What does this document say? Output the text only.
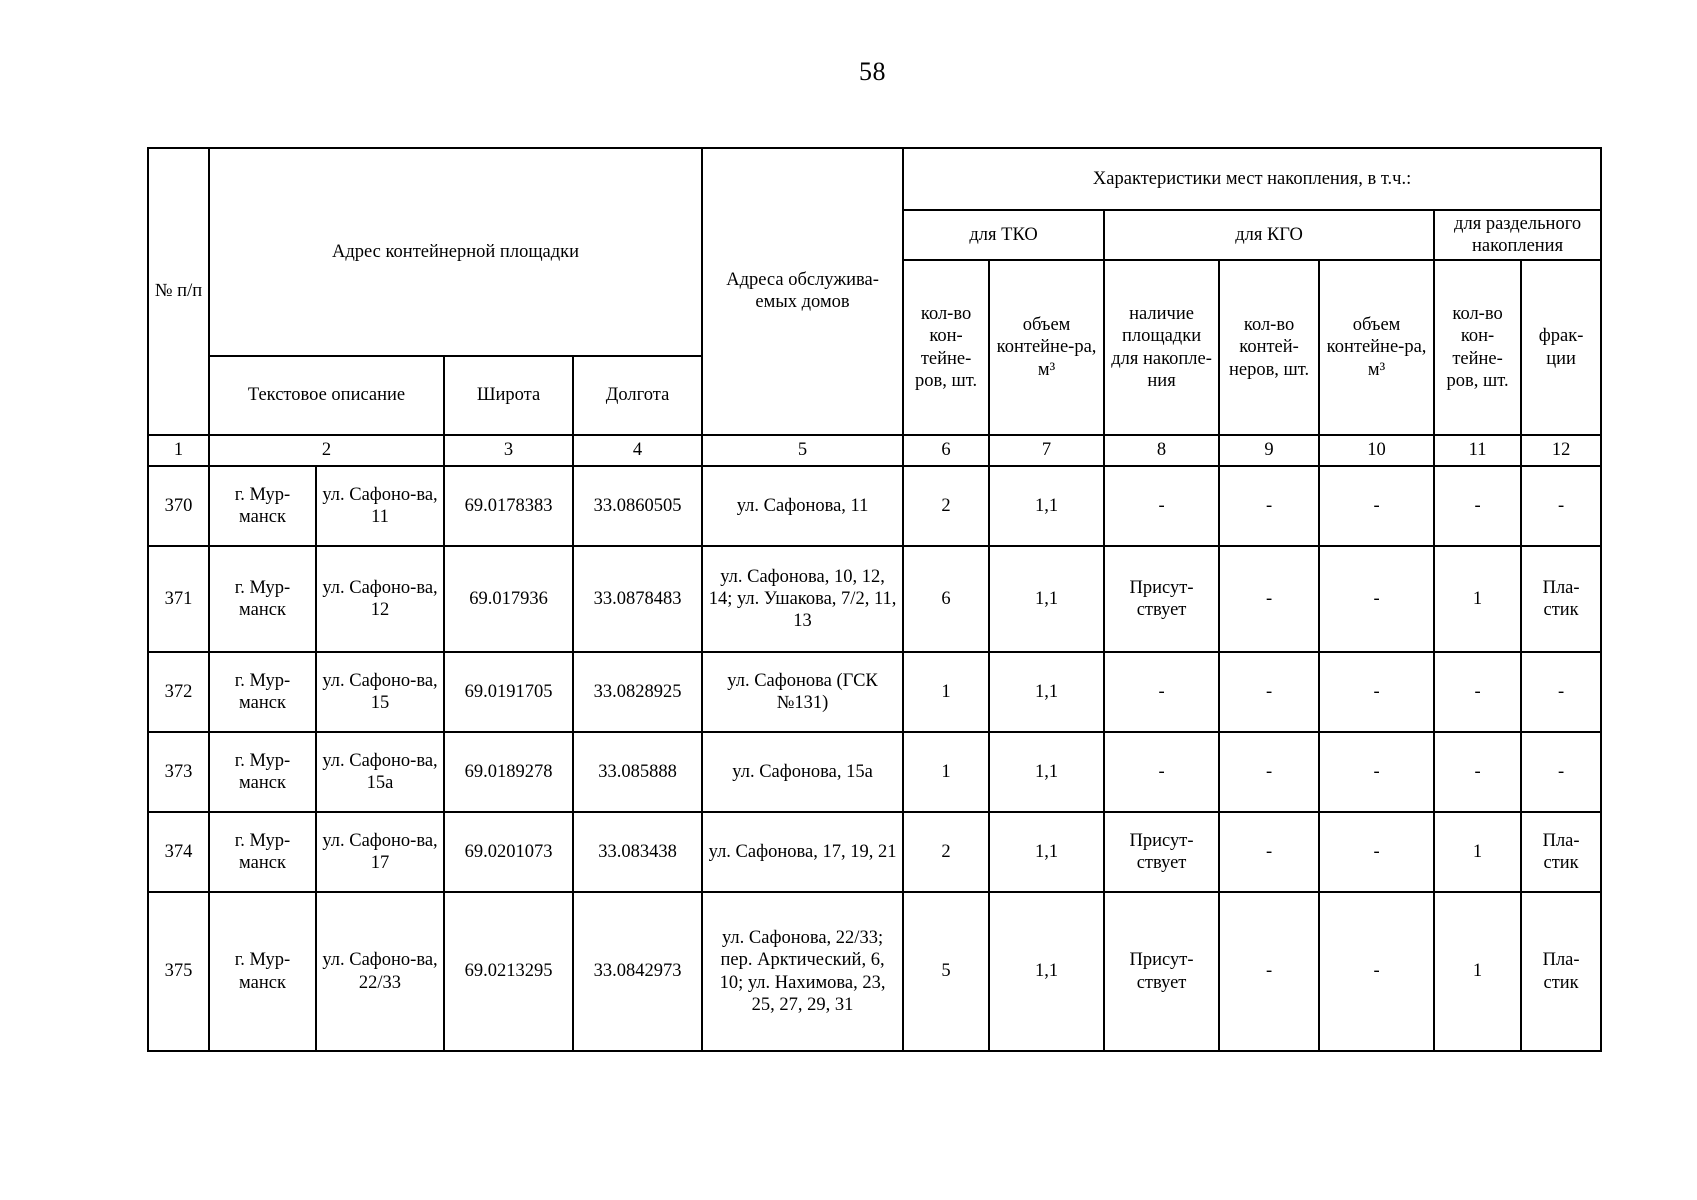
58
№ п/п	Адрес контейнерной площадки				Адреса обслужива-емых домов	Характеристики мест накопления, в т.ч.:						
						для ТКО		для КГО			для раздельного накопления	
						кол-во кон-тейне-ров, шт.	объем контейне-ра, м³	наличие площадки для накопле-ния	кол-во контей-неров, шт.	объем контейне-ра, м³	кол-во кон-тейне-ров, шт.	фрак-ции
	Текстовое описание		Широта	Долгота								
1	2		3	4	5	6	7	8	9	10	11	12
370	г. Мур-манск	ул. Сафоно-ва, 11	69.0178383	33.0860505	ул. Сафонова, 11	2	1,1	-	-	-	-	-
371	г. Мур-манск	ул. Сафоно-ва, 12	69.017936	33.0878483	ул. Сафонова, 10, 12, 14; ул. Ушакова, 7/2, 11, 13	6	1,1	Присут-ствует	-	-	1	Пла-стик
372	г. Мур-манск	ул. Сафоно-ва, 15	69.0191705	33.0828925	ул. Сафонова (ГСК №131)	1	1,1	-	-	-	-	-
373	г. Мур-манск	ул. Сафоно-ва, 15а	69.0189278	33.085888	ул. Сафонова, 15а	1	1,1	-	-	-	-	-
374	г. Мур-манск	ул. Сафоно-ва, 17	69.0201073	33.083438	ул. Сафонова, 17, 19, 21	2	1,1	Присут-ствует	-	-	1	Пла-стик
375	г. Мур-манск	ул. Сафоно-ва, 22/33	69.0213295	33.0842973	ул. Сафонова, 22/33; пер. Арктический, 6, 10; ул. Нахимова, 23, 25, 27, 29, 31	5	1,1	Присут-ствует	-	-	1	Пла-стик
